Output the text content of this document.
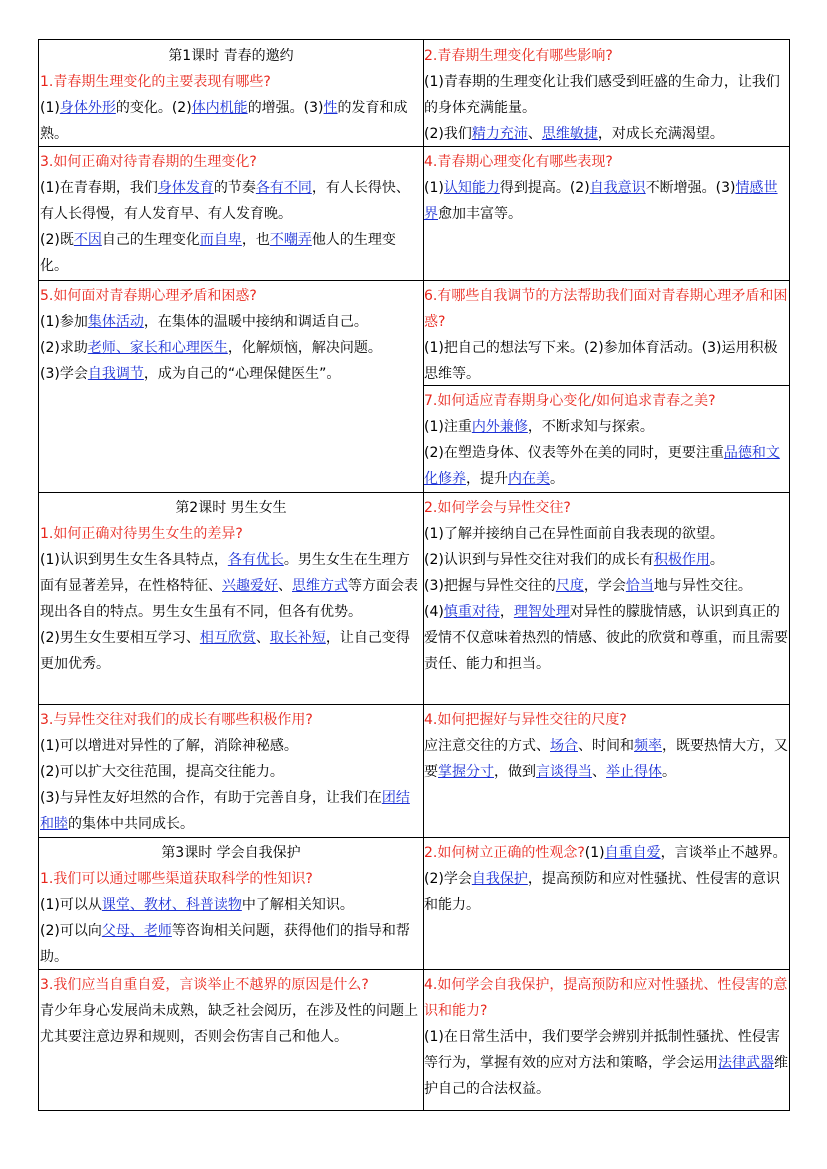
第1课时 青春的邀约

1.青春期生理变化的主要表现有哪些?

(1)身体外形的变化。(2)体内机能的增强。(3)性的发育和成熟。

2.青春期生理变化有哪些影响?

(1)青春期的生理变化让我们感受到旺盛的生命力，让我们的身体充满能量。

(2)我们精力充沛、思维敏捷，对成长充满渴望。

3.如何正确对待青春期的生理变化?

(1)在青春期，我们身体发育的节奏各有不同，有人长得快、有人长得慢，有人发育早、有人发育晚。

(2)既不因自己的生理变化而自卑，也不嘲弄他人的生理变化。

4.青春期心理变化有哪些表现?

(1)认知能力得到提高。(2)自我意识不断增强。(3)情感世界愈加丰富等。

5.如何面对青春期心理矛盾和困惑?

(1)参加集体活动，在集体的温暖中接纳和调适自己。

(2)求助老师、家长和心理医生，化解烦恼，解决问题。

(3)学会自我调节，成为自己的“心理保健医生”。

6.有哪些自我调节的方法帮助我们面对青春期心理矛盾和困惑?

(1)把自己的想法写下来。(2)参加体育活动。(3)运用积极思维等。

7.如何适应青春期身心变化/如何追求青春之美?

(1)注重内外兼修，不断求知与探索。

(2)在塑造身体、仪表等外在美的同时，更要注重品德和文化修养，提升内在美。

第2课时 男生女生

1.如何正确对待男生女生的差异?

(1)认识到男生女生各具特点，各有优长。男生女生在生理方面有显著差异，在性格特征、兴趣爱好、思维方式等方面会表现出各自的特点。男生女生虽有不同，但各有优势。

(2)男生女生要相互学习、相互欣赏、取长补短，让自己变得更加优秀。

2.如何学会与异性交往?

(1)了解并接纳自己在异性面前自我表现的欲望。

(2)认识到与异性交往对我们的成长有积极作用。

(3)把握与异性交往的尺度，学会恰当地与异性交往。

(4)慎重对待，理智处理对异性的朦胧情感，认识到真正的爱情不仅意味着热烈的情感、彼此的欣赏和尊重，而且需要责任、能力和担当。

3.与异性交往对我们的成长有哪些积极作用?

(1)可以增进对异性的了解，消除神秘感。

(2)可以扩大交往范围，提高交往能力。

(3)与异性友好坦然的合作，有助于完善自身，让我们在团结和睦的集体中共同成长。

4.如何把握好与异性交往的尺度?

应注意交往的方式、场合、时间和频率，既要热情大方，又要掌握分寸，做到言谈得当、举止得体。

第3课时 学会自我保护

1.我们可以通过哪些渠道获取科学的性知识?

(1)可以从课堂、教材、科普读物中了解相关知识。

(2)可以向父母、老师等咨询相关问题，获得他们的指导和帮助。

2.如何树立正确的性观念?(1)自重自爱，言谈举止不越界。

(2)学会自我保护，提高预防和应对性骚扰、性侵害的意识和能力。

3.我们应当自重自爱，言谈举止不越界的原因是什么?

青少年身心发展尚未成熟，缺乏社会阅历，在涉及性的问题上尤其要注意边界和规则，否则会伤害自己和他人。

4.如何学会自我保护，提高预防和应对性骚扰、性侵害的意识和能力?

(1)在日常生活中，我们要学会辨别并抵制性骚扰、性侵害等行为，掌握有效的应对方法和策略，学会运用法律武器维护自己的合法权益。
